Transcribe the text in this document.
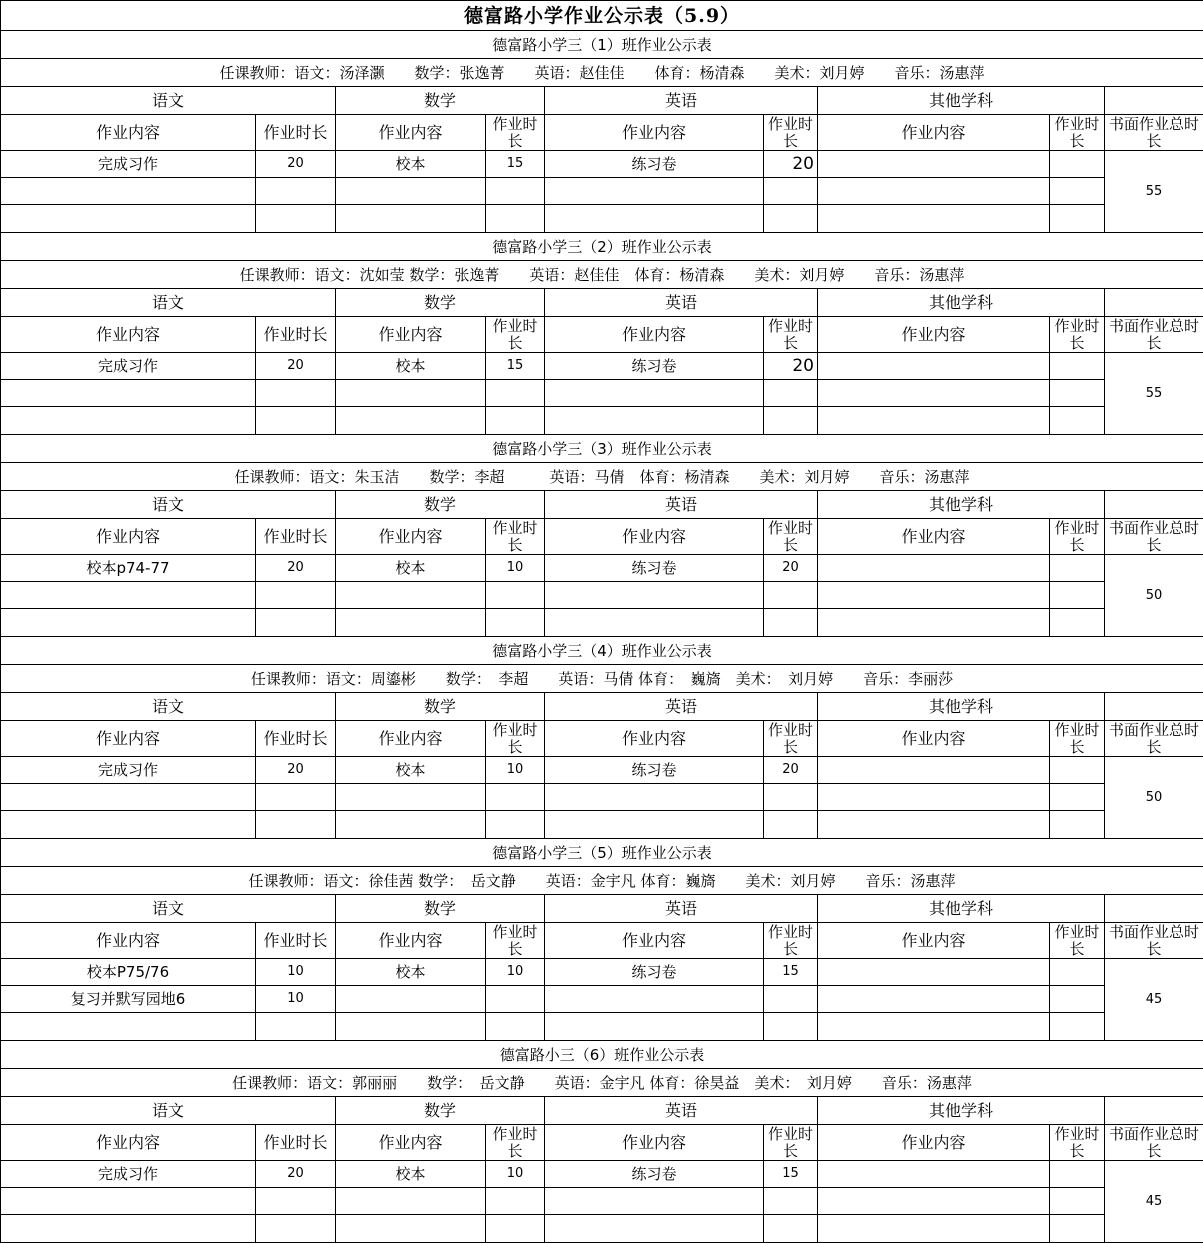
德富路小学作业公示表（5.9）								
德富路小学三（1）班作业公示表								
任课教师：语文：汤泽灏　　数学：张逸菁　　英语：赵佳佳　　体育：杨清森　　美术：刘月婷　　音乐：汤惠萍								
语文		数学		英语		其他学科		
作业内容	作业时长	作业内容	作业时长	作业内容	作业时长	作业内容	作业时长	书面作业总时长
完成习作	20	校本	15	练习卷	20			55

德富路小学三（2）班作业公示表								
任课教师：语文：沈如莹 数学：张逸菁　　英语：赵佳佳　体育：杨清森　　美术：刘月婷　　音乐：汤惠萍								
语文		数学		英语		其他学科		
作业内容	作业时长	作业内容	作业时长	作业内容	作业时长	作业内容	作业时长	书面作业总时长
完成习作	20	校本	15	练习卷	20			55

德富路小学三（3）班作业公示表								
任课教师：语文：朱玉洁　　数学：李超　　　英语：马倩　体育：杨清森　　美术：刘月婷　　音乐：汤惠萍								
语文		数学		英语		其他学科		
作业内容	作业时长	作业内容	作业时长	作业内容	作业时长	作业内容	作业时长	书面作业总时长
校本p74-77	20	校本	10	练习卷	20			50

德富路小学三（4）班作业公示表								
任课教师：语文：周鎏彬　　数学：　李超　　英语：马倩 体育：　巍旖　美术：　刘月婷　　音乐：李丽莎								
语文		数学		英语		其他学科		
作业内容	作业时长	作业内容	作业时长	作业内容	作业时长	作业内容	作业时长	书面作业总时长
完成习作	20	校本	10	练习卷	20			50

德富路小学三（5）班作业公示表								
任课教师：语文：徐佳茜 数学：　岳文静　　英语：金宇凡 体育：巍旖　　美术：刘月婷　　音乐：汤惠萍								
语文		数学		英语		其他学科		
作业内容	作业时长	作业内容	作业时长	作业内容	作业时长	作业内容	作业时长	书面作业总时长
校本P75/76	10	校本	10	练习卷	15			45
复习并默写园地6	10							

德富路小三（6）班作业公示表								
任课教师：语文：郭丽丽　　数学：　岳文静　　英语：金宇凡 体育：徐昊益　美术：　刘月婷　　音乐：汤惠萍								
语文		数学		英语		其他学科		
作业内容	作业时长	作业内容	作业时长	作业内容	作业时长	作业内容	作业时长	书面作业总时长
完成习作	20	校本	10	练习卷	15			45
